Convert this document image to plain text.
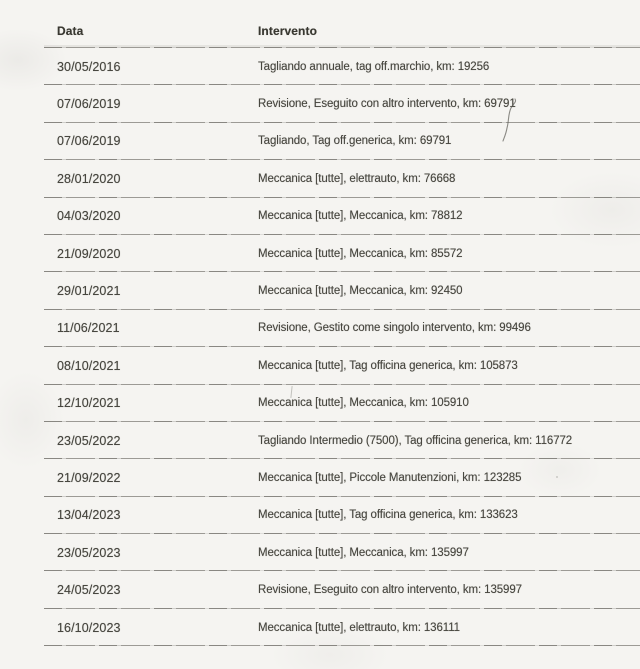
Data	Intervento
30/05/2016	Tagliando annuale, tag off.marchio, km: 19256
07/06/2019	Revisione, Eseguito con altro intervento, km: 69791
07/06/2019	Tagliando, Tag off.generica, km: 69791
28/01/2020	Meccanica [tutte], elettrauto, km: 76668
04/03/2020	Meccanica [tutte], Meccanica, km: 78812
21/09/2020	Meccanica [tutte], Meccanica, km: 85572
29/01/2021	Meccanica [tutte], Meccanica, km: 92450
11/06/2021	Revisione, Gestito come singolo intervento, km: 99496
08/10/2021	Meccanica [tutte], Tag officina generica, km: 105873
12/10/2021	Meccanica [tutte], Meccanica, km: 105910
23/05/2022	Tagliando Intermedio (7500), Tag officina generica, km: 116772
21/09/2022	Meccanica [tutte], Piccole Manutenzioni, km: 123285
13/04/2023	Meccanica [tutte], Tag officina generica, km: 133623
23/05/2023	Meccanica [tutte], Meccanica, km: 135997
24/05/2023	Revisione, Eseguito con altro intervento, km: 135997
16/10/2023	Meccanica [tutte], elettrauto, km: 136111
